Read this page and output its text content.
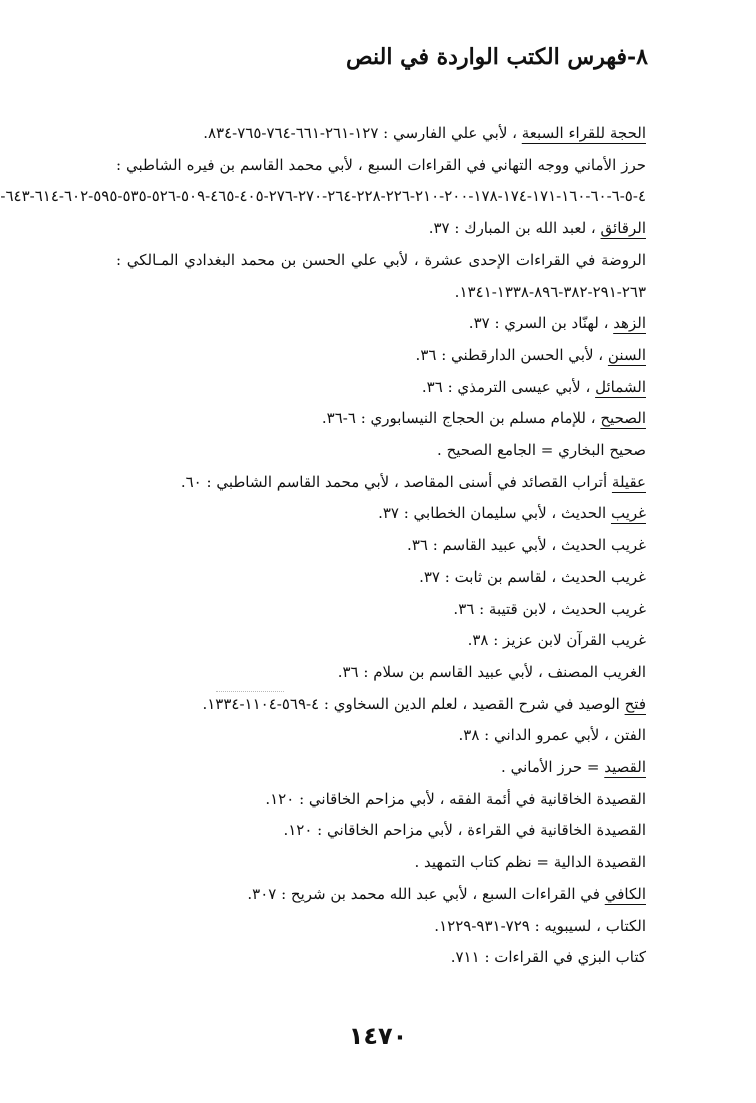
٨-فهرس الكتب الواردة في النص
الحجة للقراء السبعة ، لأبي علي الفارسي : ١٢٧-٢٦١-٦٦١-٧٦٤-٧٦٥-٨٣٤.
حرز الأماني ووجه التهاني في القراءات السبع ، لأبي محمد القاسم بن فيره الشاطبي : ٤-٥-٦-٦٠-١٦٠-١٧١-١٧٤-١٧٨-٢٠٠-٢١٠-٢٢٦-٢٢٨-٢٦٤-٢٧٠-٢٧٦-٤٠٥-٤٦٥-٥٠٩-٥٢٦-٥٣٥-٥٩٥-٦٠٢-٦١٤-٦٤٣-
الرقائق ، لعبد الله بن المبارك : ٣٧.
الروضة في القراءات الإحدى عشرة ، لأبي علي الحسن بن محمد البغدادي المـالكي : ٢٦٣-٢٩١-٣٨٢-٨٩٦-١٣٣٨-١٣٤١.
الزهد ، لهنّاد بن السري : ٣٧.
السنن ، لأبي الحسن الدارقطني : ٣٦.
الشمائل ، لأبي عيسى الترمذي : ٣٦.
الصحيح ، للإمام مسلم بن الحجاج النيسابوري : ٦-٣٦.
صحيح البخاري = الجامع الصحيح .
عقيلة أتراب القصائد في أسنى المقاصد ، لأبي محمد القاسم الشاطبي : ٦٠.
غريب الحديث ، لأبي سليمان الخطابي : ٣٧.
غريب الحديث ، لأبي عبيد القاسم : ٣٦.
غريب الحديث ، لقاسم بن ثابت : ٣٧.
غريب الحديث ، لابن قتيبة : ٣٦.
غريب القرآن لابن عزيز : ٣٨.
الغريب المصنف ، لأبي عبيد القاسم بن سلام : ٣٦.
فتح الوصيد في شرح القصيد ، لعلم الدين السخاوي : ٤-٥٦٩-١١٠٤-١٣٣٤.
الفتن ، لأبي عمرو الداني : ٣٨.
القصيد = حرز الأماني .
القصيدة الخاقانية في أئمة الفقه ، لأبي مزاحم الخاقاني : ١٢٠.
القصيدة الخاقانية في القراءة ، لأبي مزاحم الخاقاني : ١٢٠.
القصيدة الدالية = نظم كتاب التمهيد .
الكافي في القراءات السبع ، لأبي عبد الله محمد بن شريح : ٣٠٧.
الكتاب ، لسيبويه : ٧٢٩-٩٣١-١٢٢٩.
كتاب البزي في القراءات : ٧١١.
١٤٧٠
